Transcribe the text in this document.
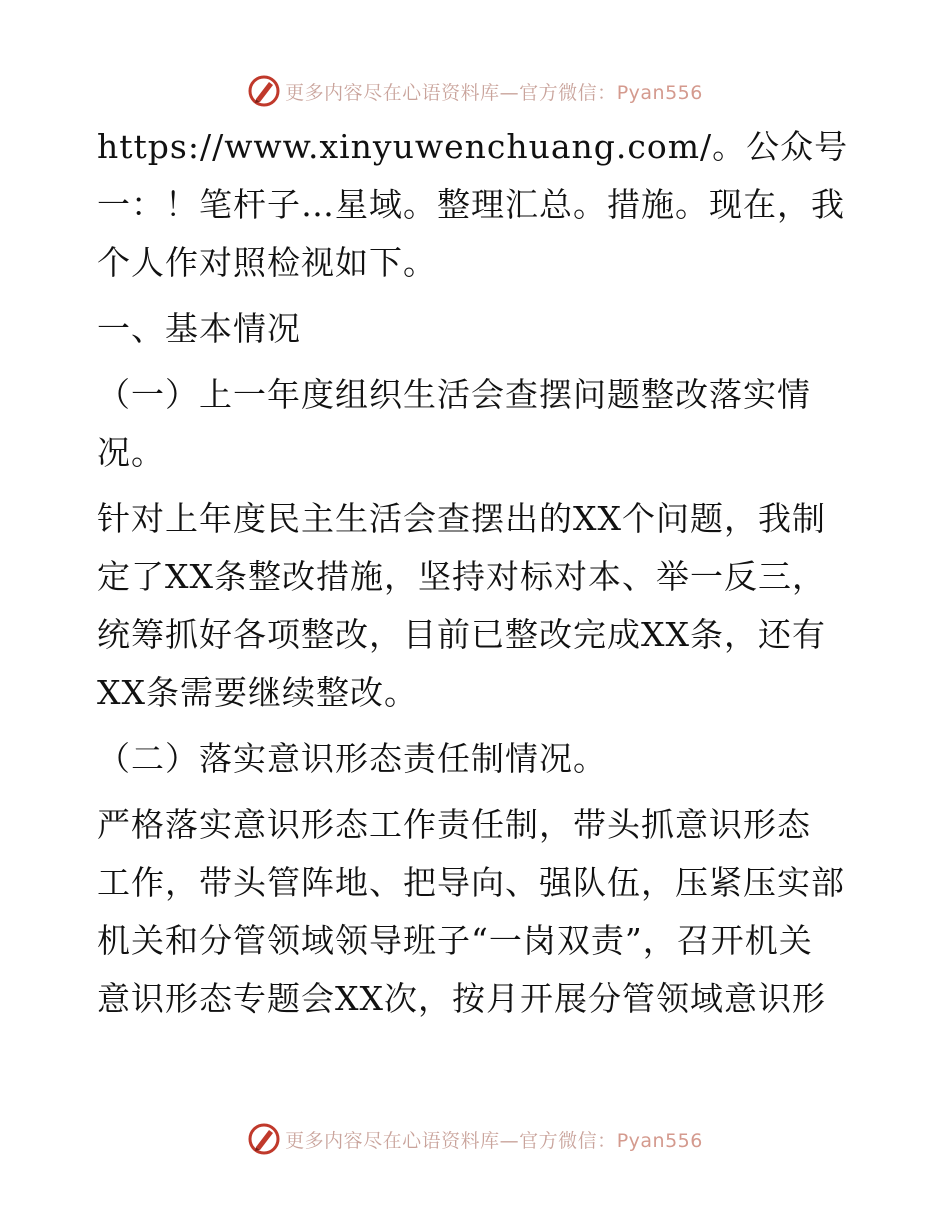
更多内容尽在心语资料库—官方微信：Pyan556

https://www.xinyuwenchuang.com/。公众号

一：！笔杆子…星域。整理汇总。措施。现在，我

个人作对照检视如下。

一、基本情况

（一）上一年度组织生活会查摆问题整改落实情

况。

针对上年度民主生活会查摆出的XX个问题，我制

定了XX条整改措施，坚持对标对本、举一反三，

统筹抓好各项整改，目前已整改完成XX条，还有

XX条需要继续整改。

（二）落实意识形态责任制情况。

严格落实意识形态工作责任制，带头抓意识形态

工作，带头管阵地、把导向、强队伍，压紧压实部

机关和分管领域领导班子“一岗双责”，召开机关

意识形态专题会XX次，按月开展分管领域意识形

更多内容尽在心语资料库—官方微信：Pyan556
